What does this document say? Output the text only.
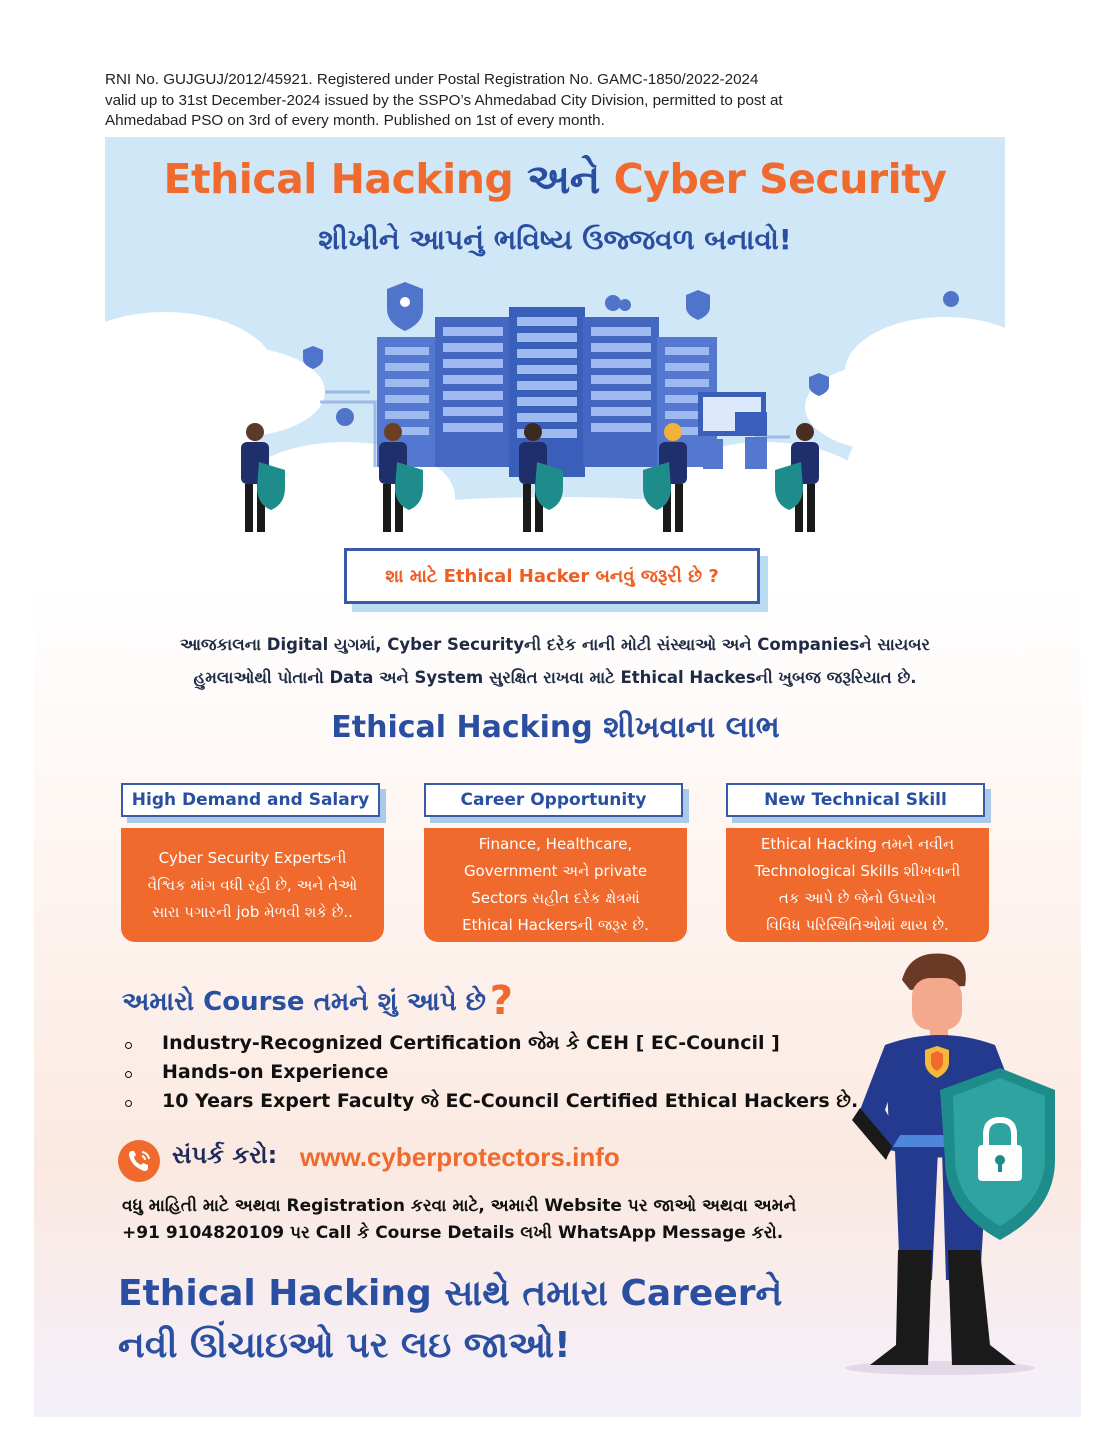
RNI No. GUJGUJ/2012/45921. Registered under Postal Registration No. GAMC-1850/2022-2024
valid up to 31st December-2024 issued by the SSPO’s Ahmedabad City Division, permitted to post at
Ahmedabad PSO on 3rd of every month. Published on 1st of every month.
Ethical Hacking અને Cyber Security
શીખીને આપનું ભવિષ્ય ઉજ્જવળ બનાવો!
શા માટે Ethical Hacker બનવું જરૂરી છે ?
આજકાલના Digital યુગમાં, Cyber Securityની દરેક નાની મોટી સંસ્થાઓ અને Companiesને સાયબર
હુમલાઓથી પોતાનો Data અને System સુરક્ષિત રાખવા માટે Ethical Hackesની ખુબજ જરૂરિયાત છે.
Ethical Hacking શીખવાના લાભ
High Demand and Salary
Cyber Security Expertsની
વૈશ્વિક માંગ વધી રહી છે, અને તેઓ
સારા પગારની job મેળવી શકે છે..
Career Opportunity
Finance, Healthcare,
Government અને private
Sectors સહીત દરેક ક્ષેત્રમાં
Ethical Hackersની જરૂર છે.
New Technical Skill
Ethical Hacking તમને નવીન
Technological Skills શીખવાની
તક આપે છે જેનો ઉપયોગ
વિવિધ પરિસ્થિતિઓમાં થાય છે.
અમારો Course તમને શું આપે છે ?
Industry-Recognized Certification જેમ કે CEH [ EC-Council ]
Hands-on Experience
10 Years Expert Faculty જે EC-Council Certified Ethical Hackers છે.
સંપર્ક કરો: www.cyberprotectors.info
વધુ માહિતી માટે અથવા Registration કરવા માટે, અમારી Website પર જાઓ અથવા અમને
+91 9104820109 પર Call કે Course Details લખી WhatsApp Message કરો.
Ethical Hacking સાથે તમારા Careerને
નવી ઊંચાઇઓ પર લઇ જાઓ!
